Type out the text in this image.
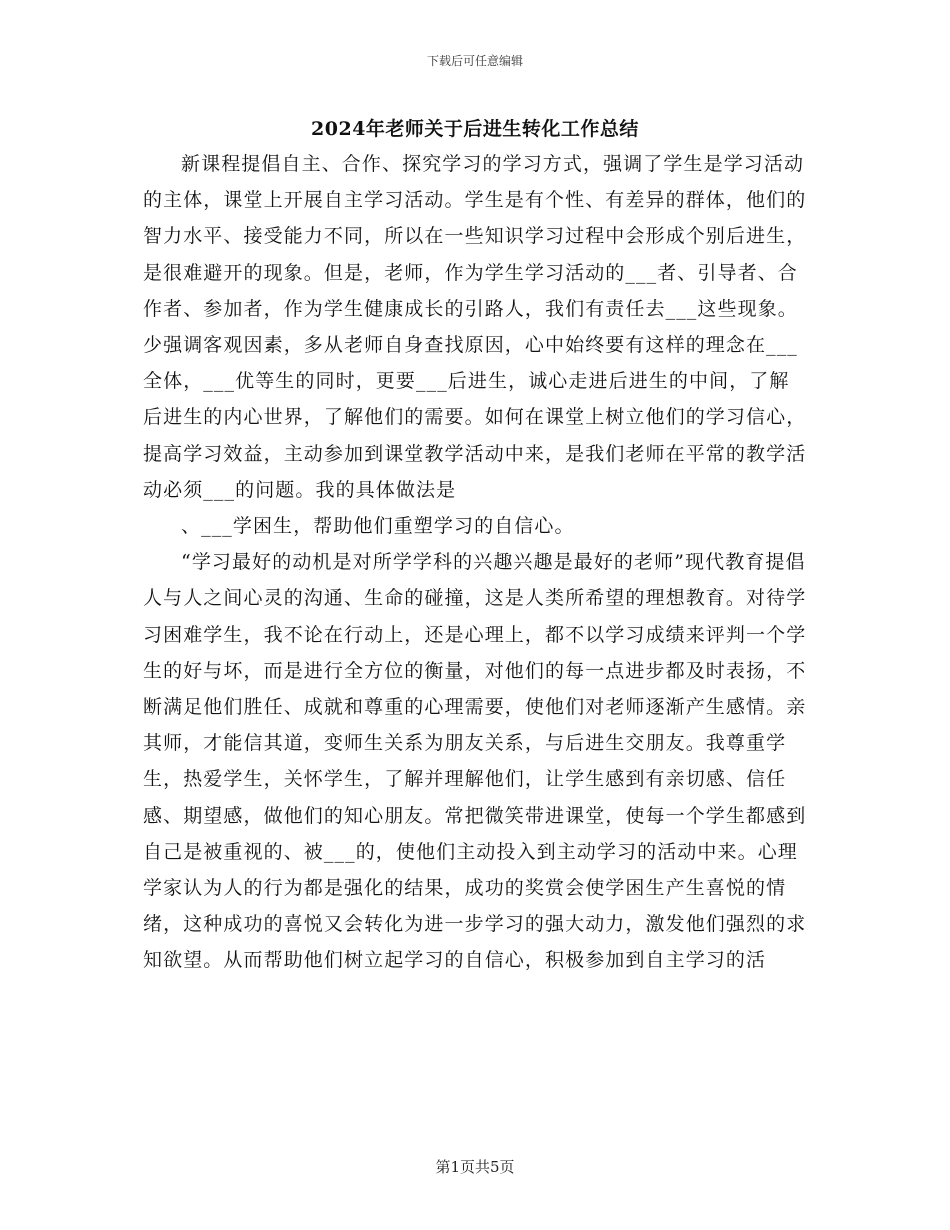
下载后可任意编辑
2024年老师关于后进生转化工作总结

新课程提倡自主、合作、探究学习的学习方式，强调了学生是学习活动的主体，课堂上开展自主学习活动。学生是有个性、有差异的群体，他们的智力水平、接受能力不同，所以在一些知识学习过程中会形成个别后进生，是很难避开的现象。但是，老师，作为学生学习活动的___者、引导者、合作者、参加者，作为学生健康成长的引路人，我们有责任去___这些现象。少强调客观因素，多从老师自身查找原因，心中始终要有这样的理念在___全体，___优等生的同时，更要___后进生，诚心走进后进生的中间，了解后进生的内心世界，了解他们的需要。如何在课堂上树立他们的学习信心，提高学习效益，主动参加到课堂教学活动中来，是我们老师在平常的教学活动必须___的问题。我的具体做法是

、___学困生，帮助他们重塑学习的自信心。

“学习最好的动机是对所学学科的兴趣兴趣是最好的老师”现代教育提倡人与人之间心灵的沟通、生命的碰撞，这是人类所希望的理想教育。对待学习困难学生，我不论在行动上，还是心理上，都不以学习成绩来评判一个学生的好与坏，而是进行全方位的衡量，对他们的每一点进步都及时表扬，不断满足他们胜任、成就和尊重的心理需要，使他们对老师逐渐产生感情。亲其师，才能信其道，变师生关系为朋友关系，与后进生交朋友。我尊重学生，热爱学生，关怀学生，了解并理解他们，让学生感到有亲切感、信任感、期望感，做他们的知心朋友。常把微笑带进课堂，使每一个学生都感到自己是被重视的、被___的，使他们主动投入到主动学习的活动中来。心理学家认为人的行为都是强化的结果，成功的奖赏会使学困生产生喜悦的情绪，这种成功的喜悦又会转化为进一步学习的强大动力，激发他们强烈的求知欲望。从而帮助他们树立起学习的自信心，积极参加到自主学习的活

第1页共5页
